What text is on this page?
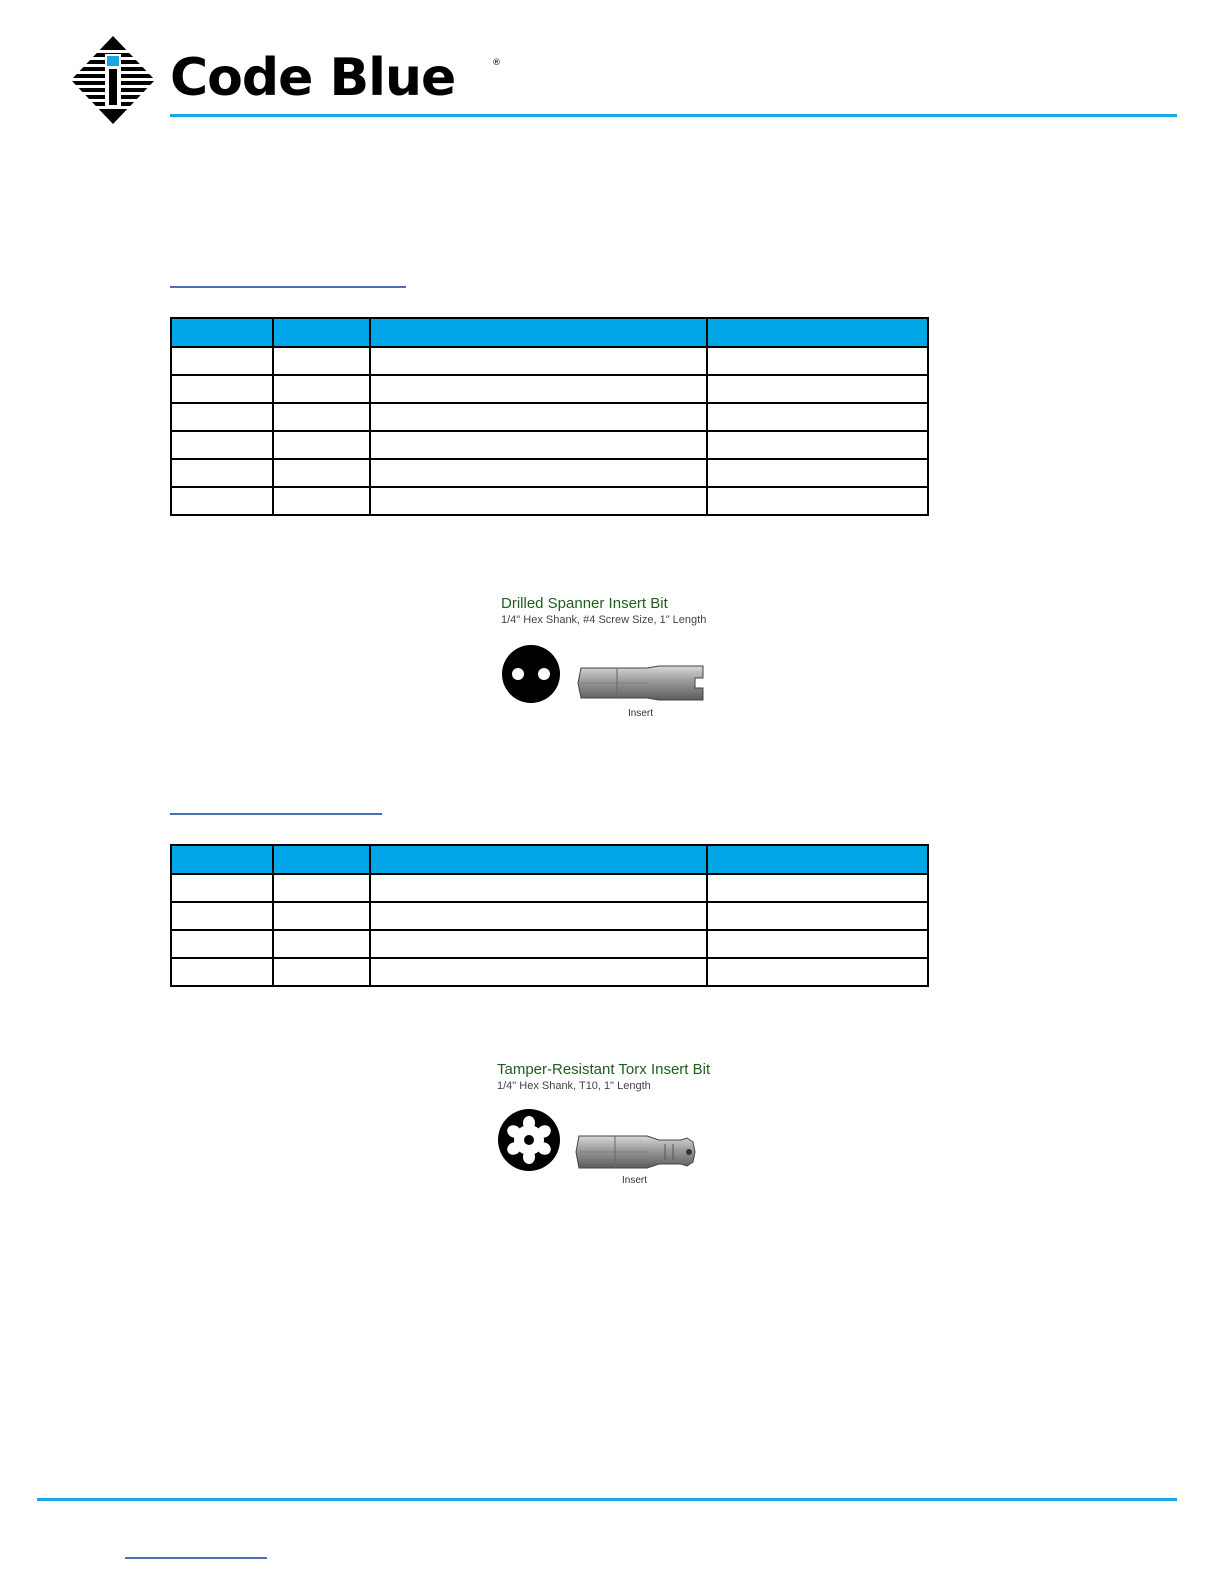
Code Blue	®

Drilled Spanner Insert Bit

1/4" Hex Shank, #4 Screw Size, 1" Length

Insert

Tamper-Resistant Torx Insert Bit

1/4" Hex Shank, T10, 1" Length

Insert
